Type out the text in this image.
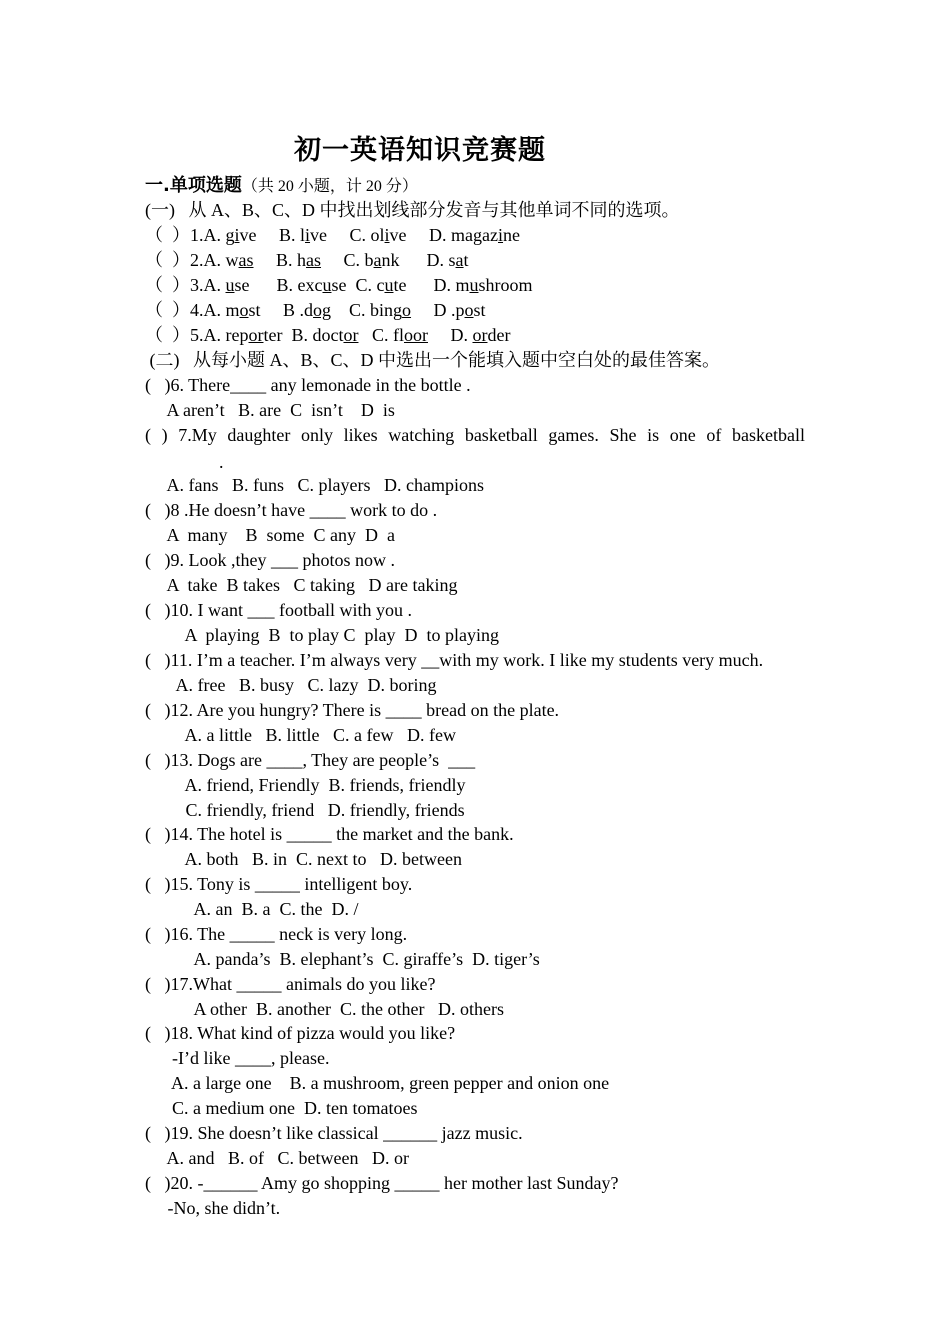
初一英语知识竞赛题
一.单项选题（共 20 小题，计 20 分）
(一)   从 A、B、C、D 中找出划线部分发音与其他单词不同的选项。
（  ）1.A. give     B. live     C. olive     D. magazine
（  ）2.A. was     B. has     C. bank      D. sat
（  ）3.A. use      B. excuse  C. cute      D. mushroom
（  ）4.A. most     B .dog    C. bingo     D .post
（  ）5.A. reporter  B. doctor   C. floor     D. order
(二)   从每小题 A、B、C、D 中选出一个能填入题中空白处的最佳答案。
(   )6. There____ any lemonade in the bottle .
A aren’t   B. are  C  isn’t    D  is
( ) 7.My daughter only likes watching basketball games. She is one of basketball
.
A. fans   B. funs   C. players   D. champions
(   )8 .He doesn’t have ____ work to do .
A  many    B  some  C any  D  a
(   )9. Look ,they ___ photos now .
A  take  B takes   C taking   D are taking
(   )10. I want ___ football with you .
A  playing  B  to play C  play  D  to playing
(   )11. I’m a teacher. I’m always very __with my work. I like my students very much.
A. free   B. busy   C. lazy  D. boring
(   )12. Are you hungry? There is ____ bread on the plate.
A. a little   B. little   C. a few   D. few
(   )13. Dogs are ____, They are people’s  ___
A. friend, Friendly  B. friends, friendly
C. friendly, friend   D. friendly, friends
(   )14. The hotel is _____ the market and the bank.
A. both   B. in  C. next to   D. between
(   )15. Tony is _____ intelligent boy.
A. an  B. a  C. the  D. /
(   )16. The _____ neck is very long.
A. panda’s  B. elephant’s  C. giraffe’s  D. tiger’s
(   )17.What _____ animals do you like?
A other  B. another  C. the other   D. others
(   )18. What kind of pizza would you like?
-I’d like ____, please.
A. a large one    B. a mushroom, green pepper and onion one
C. a medium one  D. ten tomatoes
(   )19. She doesn’t like classical ______ jazz music.
A. and   B. of   C. between   D. or
(   )20. -______ Amy go shopping _____ her mother last Sunday?
-No, she didn’t.
